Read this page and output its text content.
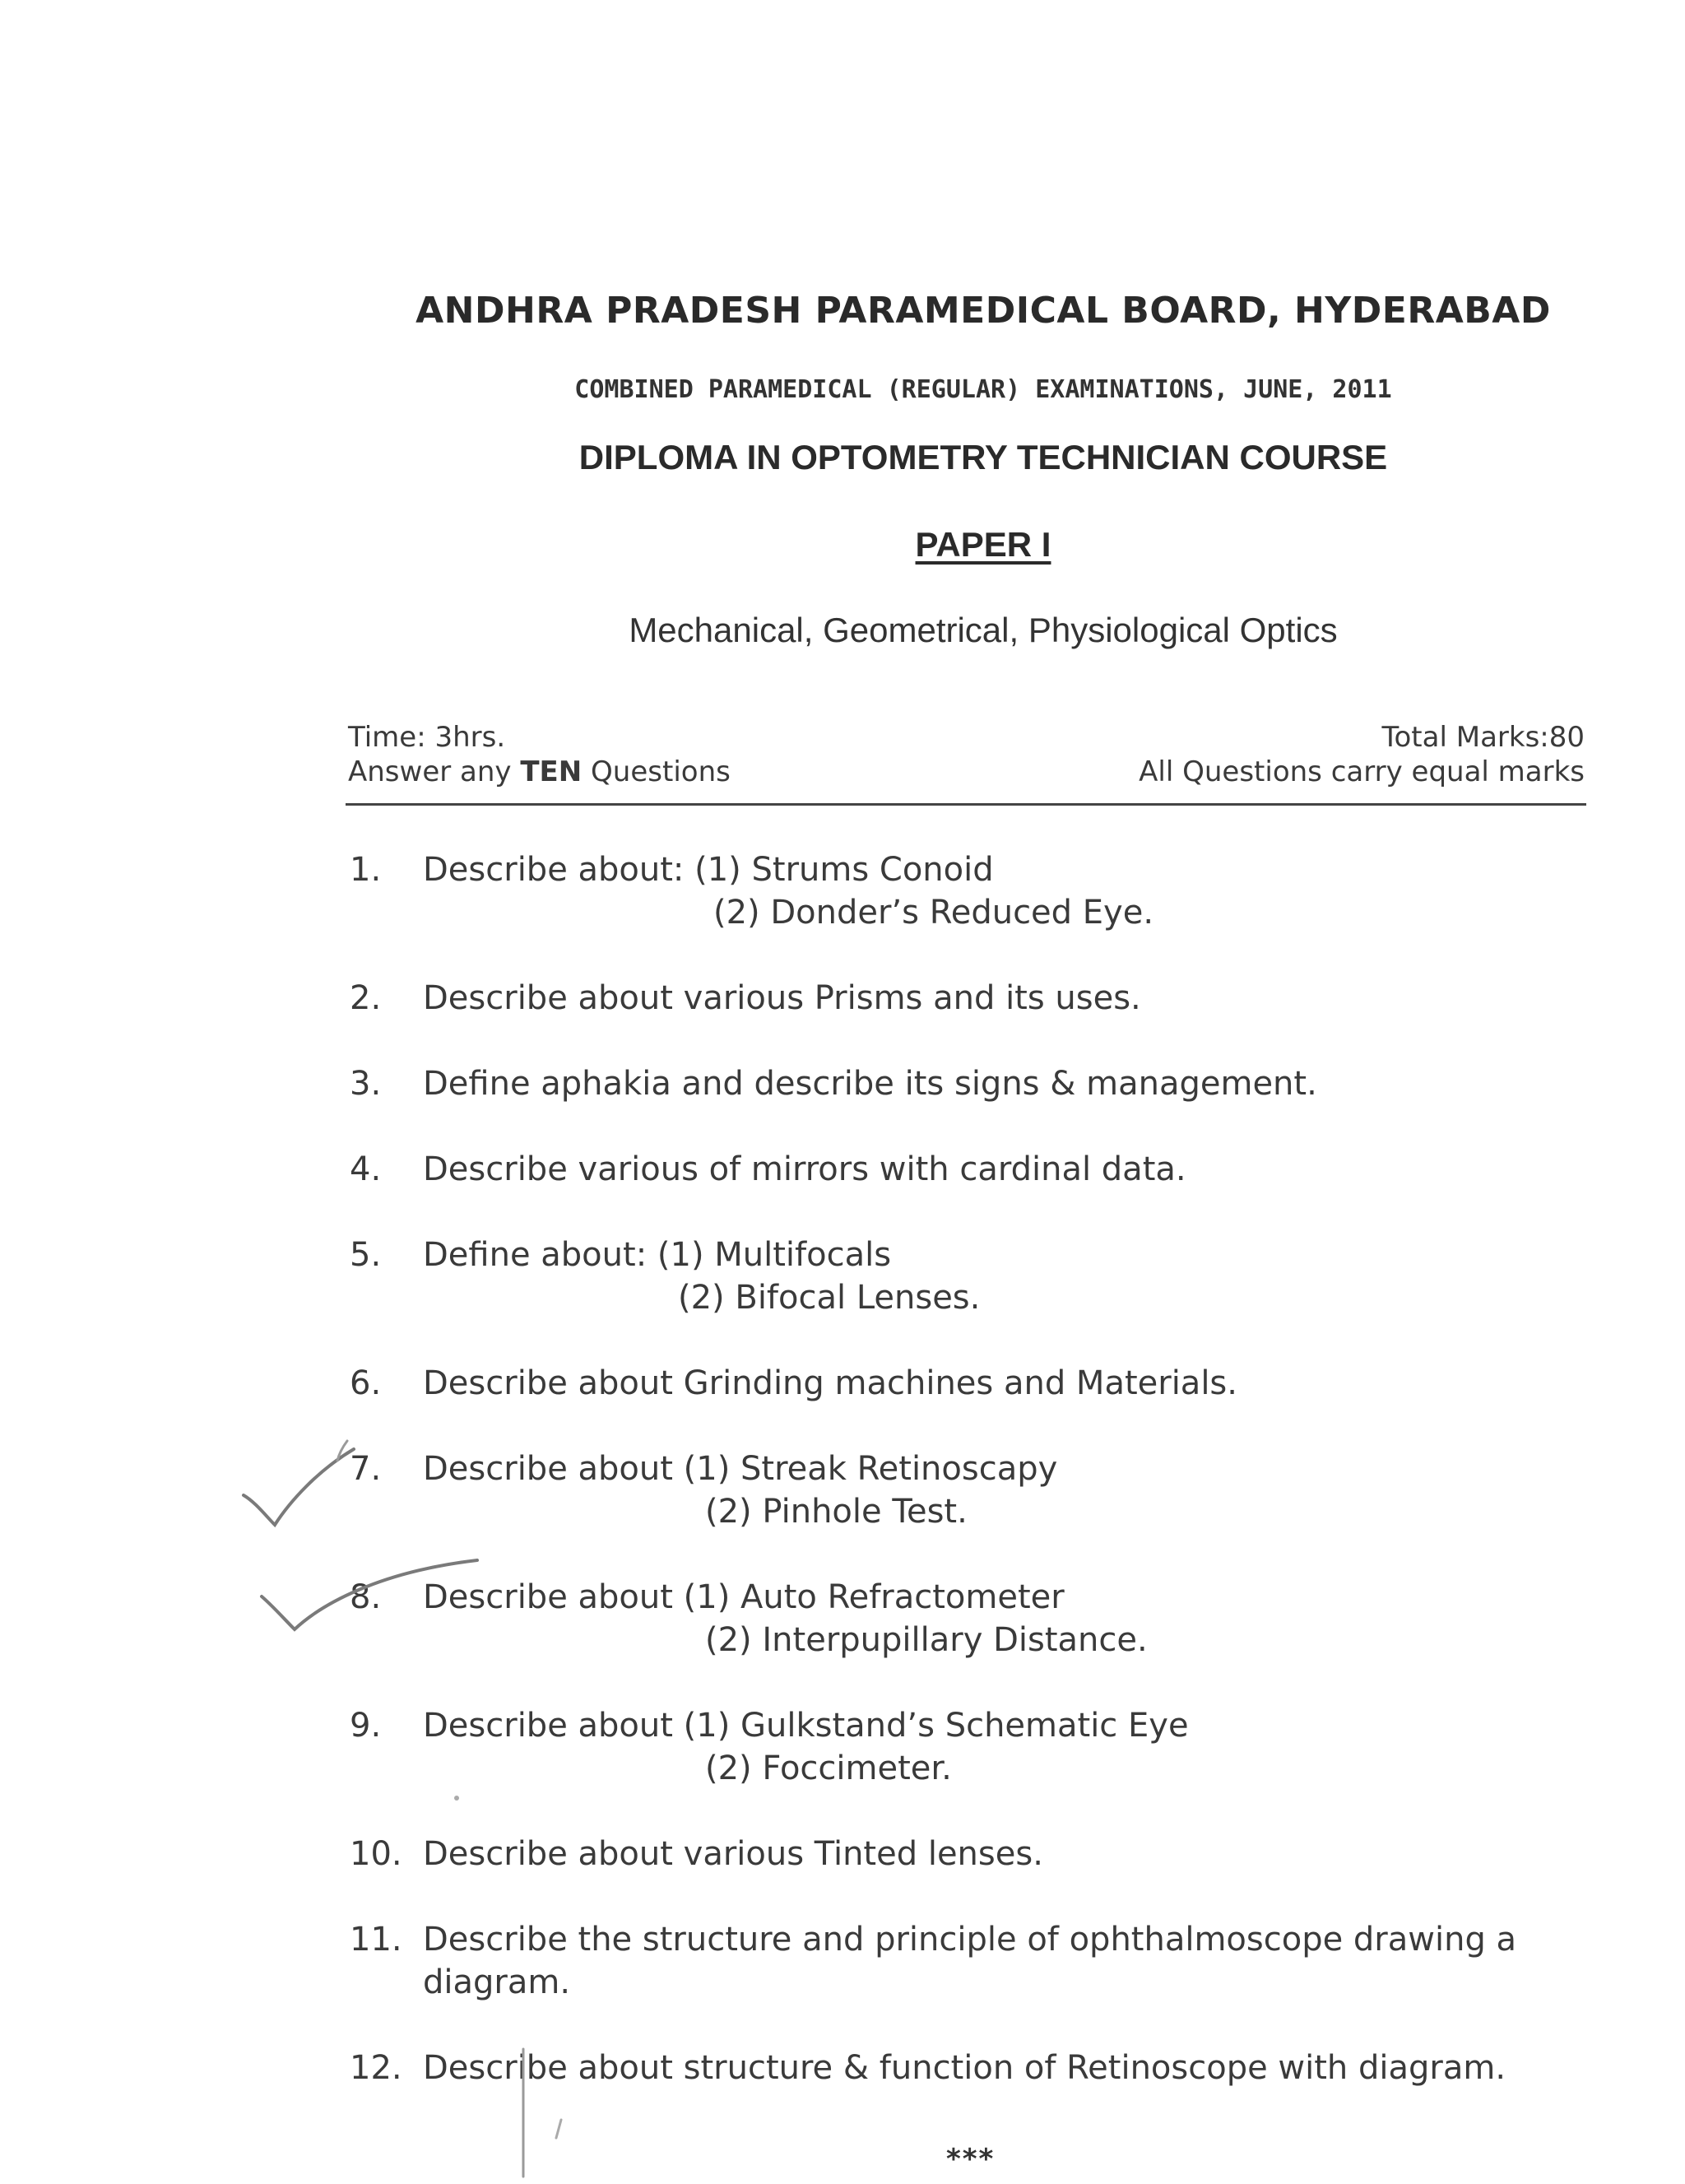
ANDHRA PRADESH PARAMEDICAL BOARD, HYDERABAD
COMBINED PARAMEDICAL (REGULAR) EXAMINATIONS, JUNE, 2011
DIPLOMA IN OPTOMETRY TECHNICIAN COURSE
PAPER I
Mechanical, Geometrical, Physiological Optics
Time: 3hrs.
Answer any TEN Questions
Total Marks:80
All Questions carry equal marks
1. Describe about: (1) Strums Conoid
(2) Donder’s Reduced Eye.
2. Describe about various Prisms and its uses.
3. Define aphakia and describe its signs & management.
4. Describe various of mirrors with cardinal data.
5. Define about: (1) Multifocals
(2) Bifocal Lenses.
6. Describe about Grinding machines and Materials.
7. Describe about (1) Streak Retinoscapy
(2) Pinhole Test.
8. Describe about (1) Auto Refractometer
(2) Interpupillary Distance.
9. Describe about (1) Gulkstand’s Schematic Eye
(2) Foccimeter.
10. Describe about various Tinted lenses.
11. Describe the structure and principle of ophthalmoscope drawing a
diagram.
12. Describe about structure & function of Retinoscope with diagram.
***
